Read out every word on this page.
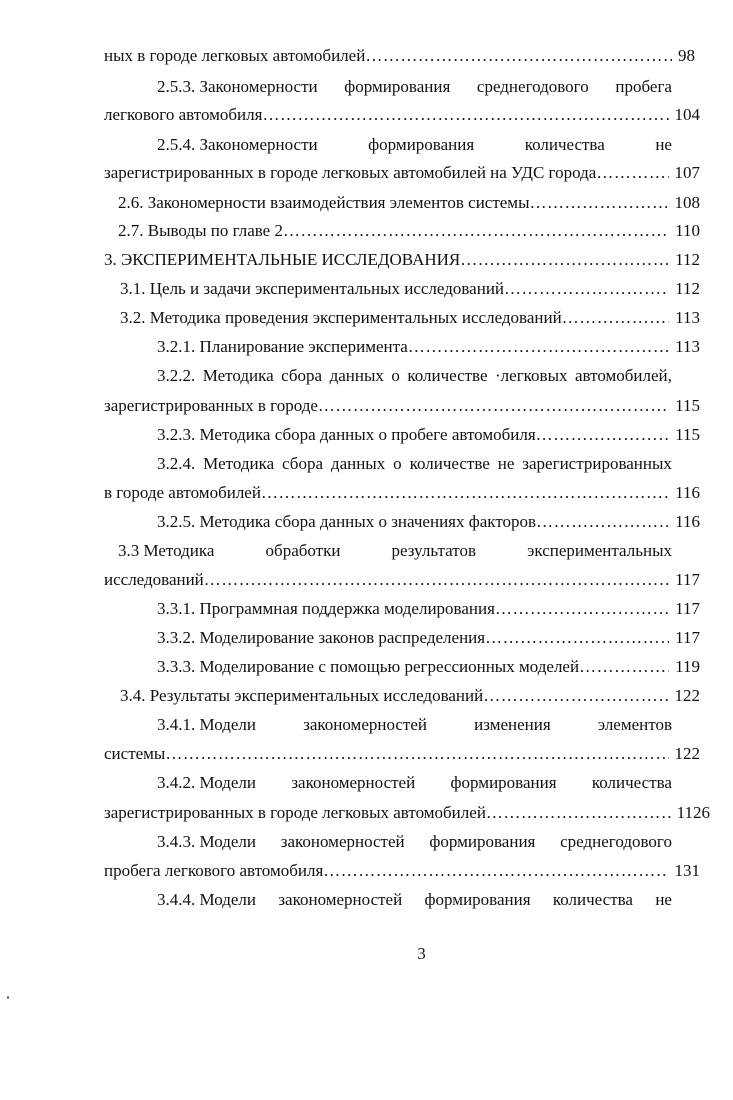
ных в городе легковых автомобилей …………………………………………………………………………………………………………………………………………………………………………………	98
2.5.3. Закономерности формирования среднегодового пробега
легкового автомобиля …………………………………………………………………………………………………………………………………………………………………………………	104
2.5.4. Закономерности	формирования	количества	не
зарегистрированных в городе легковых автомобилей на УДС города …………………………………………………………………………………………………………………………………………………………………………………	107
2.6. Закономерности взаимодействия элементов системы …………………………………………………………………………………………………………………………………………………………………………………	108
2.7. Выводы по главе 2 …………………………………………………………………………………………………………………………………………………………………………………	110
3. ЭКСПЕРИМЕНТАЛЬНЫЕ ИССЛЕДОВАНИЯ …………………………………………………………………………………………………………………………………………………………………………………	112
3.1. Цель и задачи экспериментальных исследований …………………………………………………………………………………………………………………………………………………………………………………	112
3.2. Методика проведения экспериментальных исследований …………………………………………………………………………………………………………………………………………………………………………………	113
3.2.1. Планирование эксперимента …………………………………………………………………………………………………………………………………………………………………………………	113
3.2.2. Методика сбора данных о количестве ·легковых автомобилей,
зарегистрированных в городе …………………………………………………………………………………………………………………………………………………………………………………	115
3.2.3. Методика сбора данных о пробеге автомобиля …………………………………………………………………………………………………………………………………………………………………………………	115
3.2.4. Методика сбора данных о количестве не зарегистрированных
в городе автомобилей …………………………………………………………………………………………………………………………………………………………………………………	116
3.2.5. Методика сбора данных о значениях факторов …………………………………………………………………………………………………………………………………………………………………………………	116
3.3 Методика	обработки	результатов	экспериментальных
исследований …………………………………………………………………………………………………………………………………………………………………………………	117
3.3.1. Программная поддержка моделирования …………………………………………………………………………………………………………………………………………………………………………………	117
3.3.2. Моделирование законов распределения …………………………………………………………………………………………………………………………………………………………………………………	117
3.3.3. Моделирование с помощью регрессионных моделей …………………………………………………………………………………………………………………………………………………………………………………	119
3.4. Результаты экспериментальных исследований …………………………………………………………………………………………………………………………………………………………………………………	122
3.4.1. Модели	закономерностей	изменения	элементов
системы …………………………………………………………………………………………………………………………………………………………………………………	122
3.4.2. Модели закономерностей формирования количества
зарегистрированных в городе легковых автомобилей …………………………………………………………………………………………………………………………………………………………………………………	1126
3.4.3. Модели закономерностей формирования среднегодового
пробега легкового автомобиля …………………………………………………………………………………………………………………………………………………………………………………	131
3.4.4. Модели закономерностей формирования количества не
3
